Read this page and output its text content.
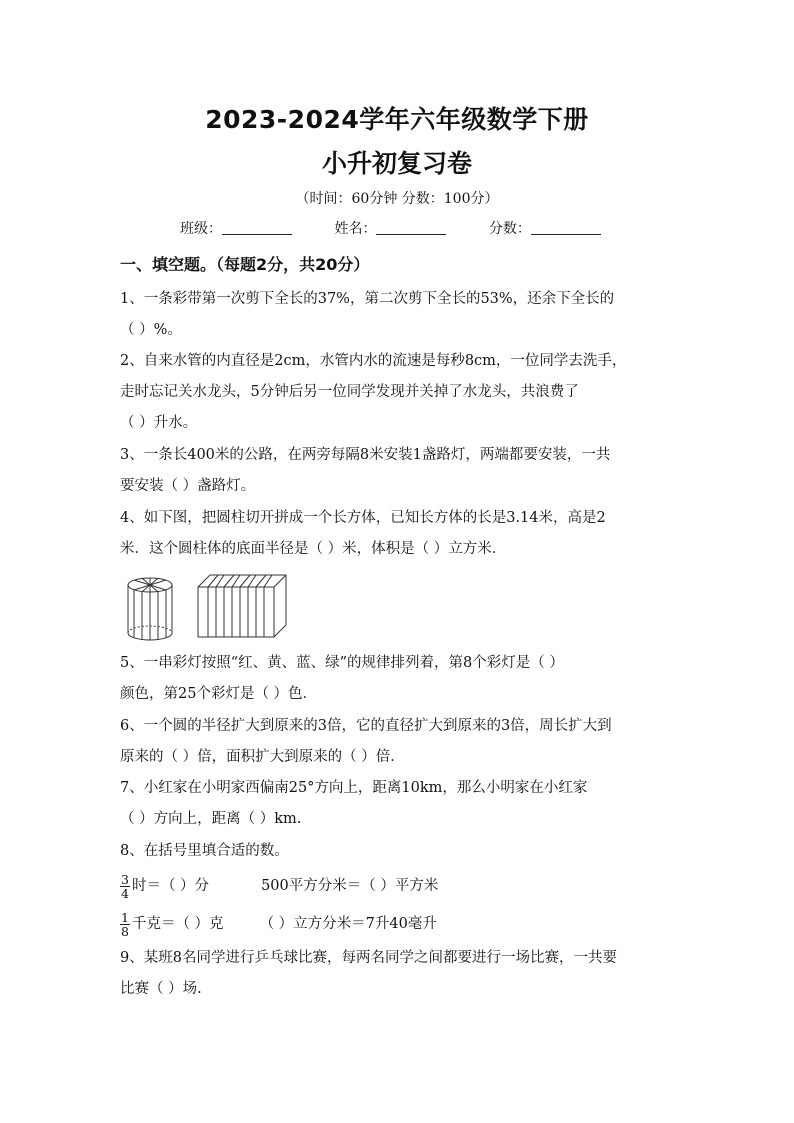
2023-2024学年六年级数学下册
小升初复习卷
（时间：60分钟 分数：100分）
班级：	姓名：	分数：
一、填空题。（每题2分，共20分）
1、一条彩带第一次剪下全长的37%，第二次剪下全长的53%，还余下全长的
（ ）%。
2、自来水管的内直径是2cm，水管内水的流速是每秒8cm，一位同学去洗手，
走时忘记关水龙头，5分钟后另一位同学发现并关掉了水龙头，共浪费了
（ ）升水。
3、一条长400米的公路，在两旁每隔8米安装1盏路灯，两端都要安装，一共
要安装（ ）盏路灯。
4、如下图，把圆柱切开拼成一个长方体，已知长方体的长是3.14米，高是2
米．这个圆柱体的底面半径是（ ）米，体积是（ ）立方米．
5、一串彩灯按照“红、黄、蓝、绿”的规律排列着，第8个彩灯是（ ）
颜色，第25个彩灯是（ ）色．
6、一个圆的半径扩大到原来的3倍，它的直径扩大到原来的3倍，周长扩大到
原来的（ ）倍，面积扩大到原来的（ ）倍．
7、小红家在小明家西偏南25°方向上，距离10km，那么小明家在小红家
（ ）方向上，距离（ ）km.
8、在括号里填合适的数。
$\frac{3}{4}$ 时＝（ ）分	500平方分米＝（ ）平方米
$\frac{1}{8}$ 千克＝（ ）克 （ ）立方分米＝7升40毫升
9、某班8名同学进行乒乓球比赛，每两名同学之间都要进行一场比赛，一共要
比赛（ ）场.
